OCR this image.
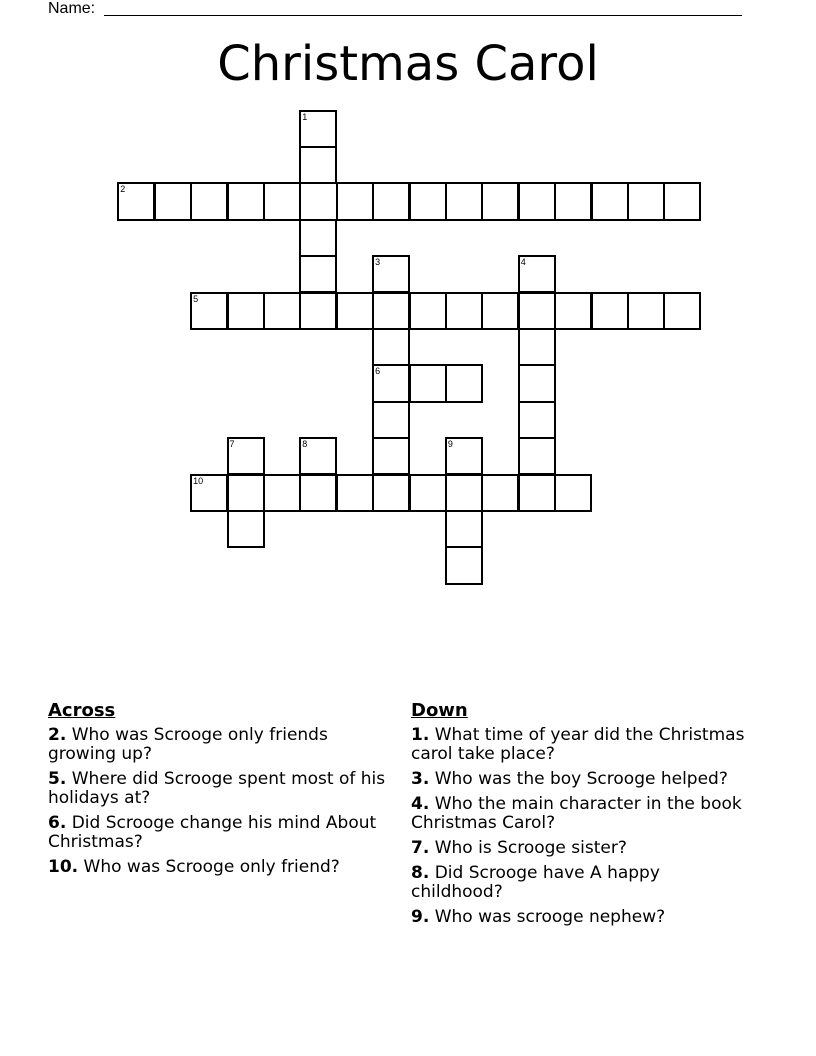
Name:
Christmas Carol
1
2
3	4
5
6
7	8	9
10
Across
2. Who was Scrooge only friends growing up?
5. Where did Scrooge spent most of his holidays at?
6. Did Scrooge change his mind About Christmas?
10. Who was Scrooge only friend?
Down
1. What time of year did the Christmas carol take place?
3. Who was the boy Scrooge helped?
4. Who the main character in the book Christmas Carol?
7. Who is Scrooge sister?
8. Did Scrooge have A happy childhood?
9. Who was scrooge nephew?
